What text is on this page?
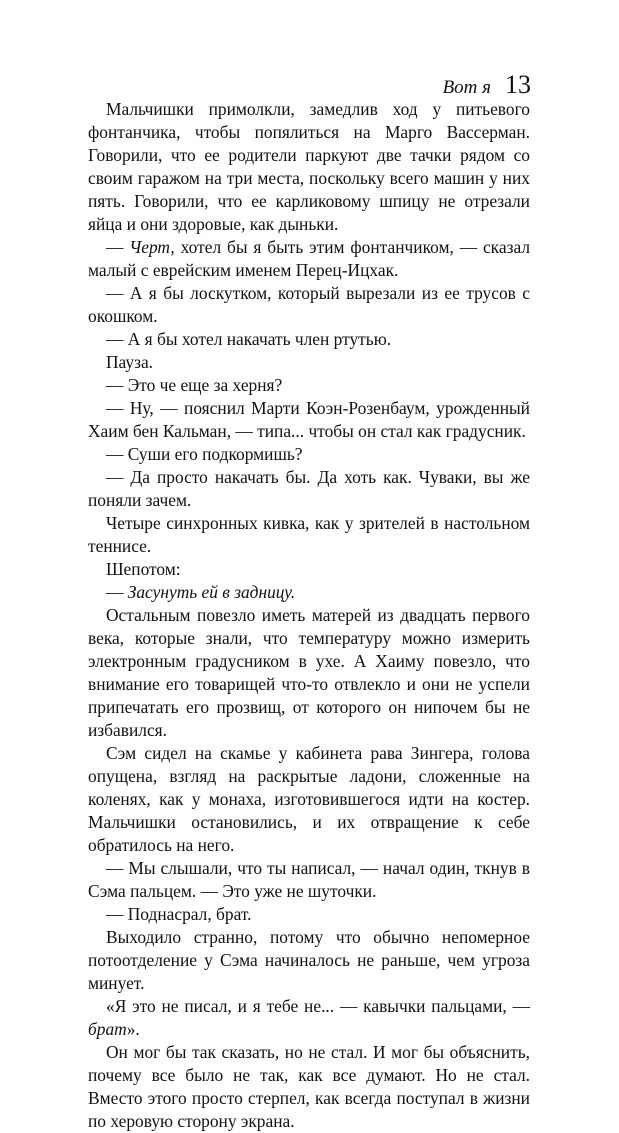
Вот я 13

Мальчишки примолкли, замедлив ход у питьевого фонтанчика, чтобы попялиться на Марго Вассерман. Говорили, что ее родители паркуют две тачки рядом со своим гаражом на три места, поскольку всего машин у них пять. Говорили, что ее карликовому шпицу не отрезали яйца и они здоровые, как дыньки.

— Черт, хотел бы я быть этим фонтанчиком, — сказал малый с еврейским именем Перец-Ицхак.

— А я бы лоскутком, который вырезали из ее трусов с окошком.

— А я бы хотел накачать член ртутью.

Пауза.

— Это че еще за херня?

— Ну, — пояснил Марти Коэн-Розенбаум, урожденный Хаим бен Кальман, — типа... чтобы он стал как градусник.

— Суши его подкормишь?

— Да просто накачать бы. Да хоть как. Чуваки, вы же поняли зачем.

Четыре синхронных кивка, как у зрителей в настольном теннисе.

Шепотом:

— Засунуть ей в задницу.

Остальным повезло иметь матерей из двадцать первого века, которые знали, что температуру можно измерить электронным градусником в ухе. А Хаиму повезло, что внимание его товарищей что-то отвлекло и они не успели припечатать его прозвищ, от которого он нипочем бы не избавился.

Сэм сидел на скамье у кабинета рава Зингера, голова опущена, взгляд на раскрытые ладони, сложенные на коленях, как у монаха, изготовившегося идти на костер. Мальчишки остановились, и их отвращение к себе обратилось на него.

— Мы слышали, что ты написал, — начал один, ткнув в Сэма пальцем. — Это уже не шуточки.

— Поднасрал, брат.

Выходило странно, потому что обычно непомерное потоотделение у Сэма начиналось не раньше, чем угроза минует.

«Я это не писал, и я тебе не... — кавычки пальцами, — брат».

Он мог бы так сказать, но не стал. И мог бы объяснить, почему все было не так, как все думают. Но не стал. Вместо этого просто стерпел, как всегда поступал в жизни по херовую сторону экрана.
